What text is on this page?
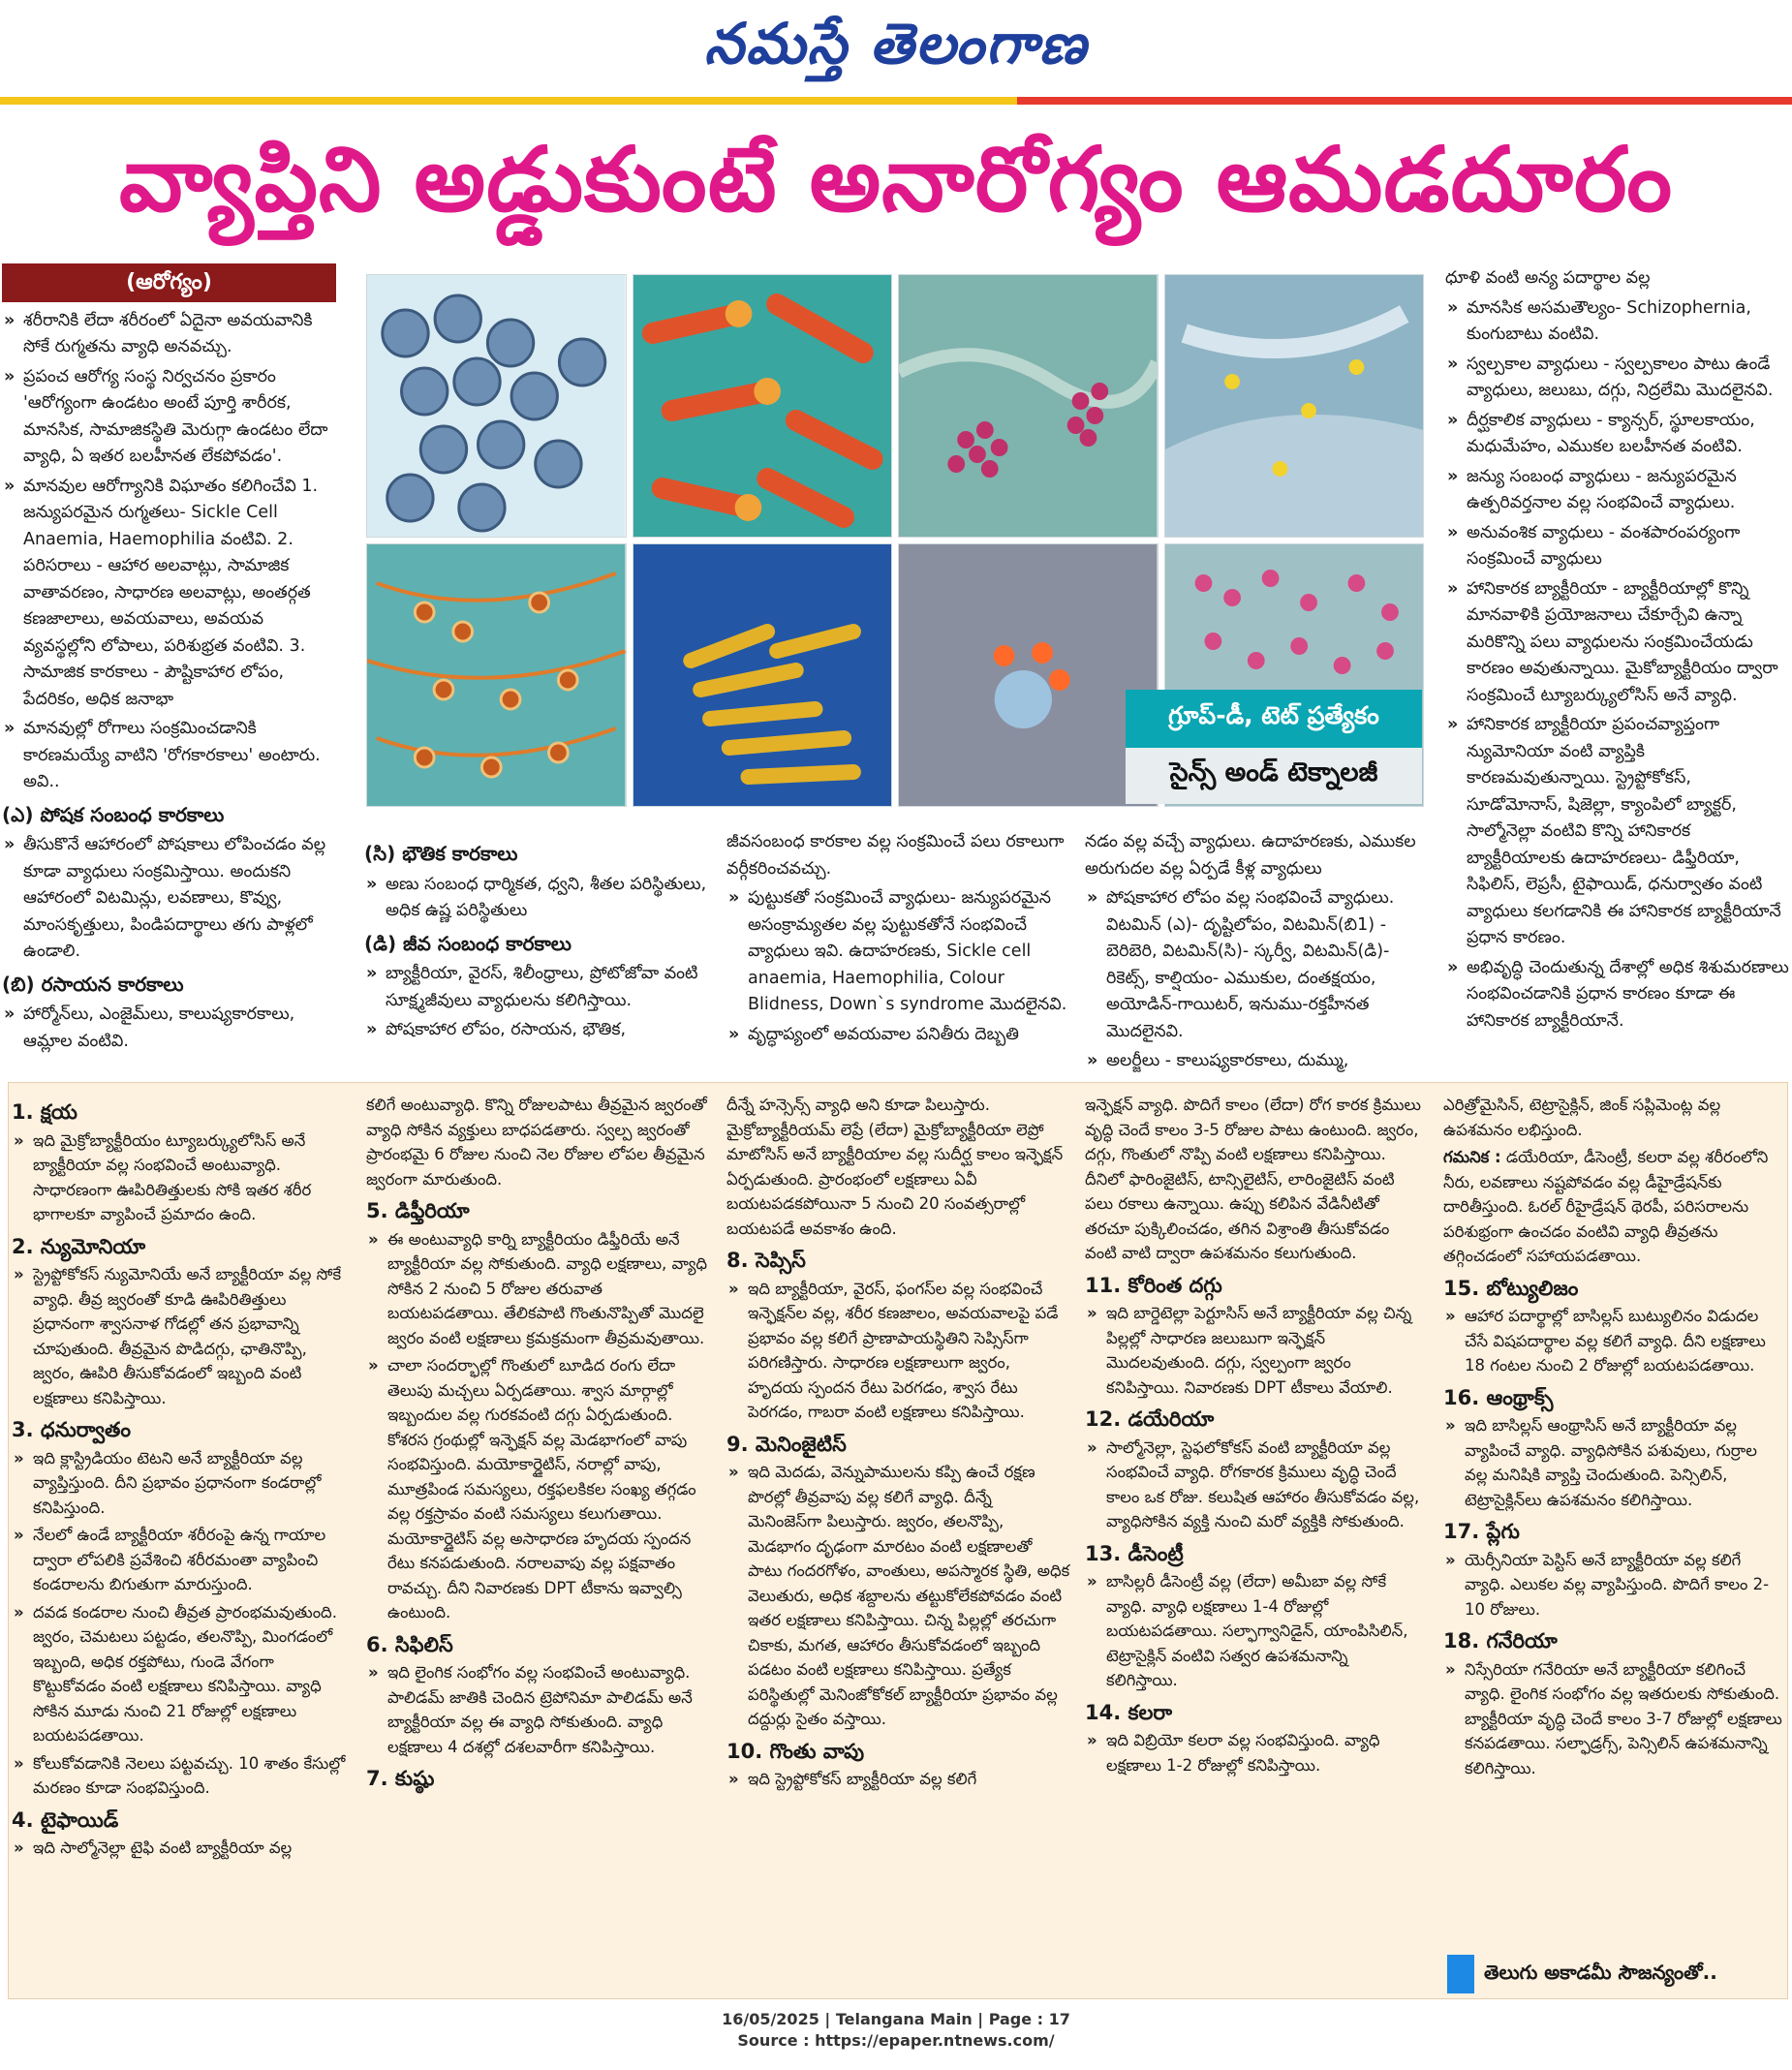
నమస్తే తెలంగాణ
వ్యాప్తిని అడ్డుకుంటే అనారోగ్యం ఆమడదూరం
(ఆరోగ్యం)

» శరీరానికి లేదా శరీరంలో ఏదైనా అవయవానికి సోకే రుగ్మతను వ్యాధి అనవచ్చు.

» ప్రపంచ ఆరోగ్య సంస్థ నిర్వచనం ప్రకారం 'ఆరోగ్యంగా ఉండటం అంటే పూర్తి శారీరక, మానసిక, సామాజికస్థితి మెరుగ్గా ఉండటం లేదా వ్యాధి, ఏ ఇతర బలహీనత లేకపోవడం'.

» మానవుల ఆరోగ్యానికి విఘాతం కలిగించేవి 1. జన్యుపరమైన రుగ్మతలు- Sickle Cell Anaemia, Haemophilia వంటివి. 2. పరిసరాలు - ఆహార అలవాట్లు, సామాజిక వాతావరణం, సాధారణ అలవాట్లు, అంతర్గత కణజాలాలు, అవయవాలు, అవయవ వ్యవస్థల్లోని లోపాలు, పరిశుభ్రత వంటివి. 3. సామాజిక కారకాలు - పౌష్టికాహార లోపం, పేదరికం, అధిక జనాభా

» మానవుల్లో రోగాలు సంక్రమించడానికి కారణమయ్యే వాటిని 'రోగకారకాలు' అంటారు. అవి..

(ఎ) పోషక సంబంధ కారకాలు

» తీసుకొనే ఆహారంలో పోషకాలు లోపించడం వల్ల కూడా వ్యాధులు సంక్రమిస్తాయి. అందుకని ఆహారంలో విటమిన్లు, లవణాలు, కొవ్వు, మాంసకృత్తులు, పిండిపదార్థాలు తగు పాళ్లలో ఉండాలి.

(బి) రసాయన కారకాలు

» హార్మోన్‌లు, ఎంజైమ్‌లు, కాలుష్యకారకాలు, ఆమ్లాల వంటివి.

గ్రూప్-డీ, టెట్ ప్రత్యేకం
సైన్స్ అండ్ టెక్నాలజీ
(సి) భౌతిక కారకాలు

» అణు సంబంధ ధార్మికత, ధ్వని, శీతల పరిస్థితులు, అధిక ఉష్ణ పరిస్థితులు

(డి) జీవ సంబంధ కారకాలు

» బ్యాక్టీరియా, వైరస్, శిలీంధ్రాలు, ప్రోటోజోవా వంటి సూక్ష్మజీవులు వ్యాధులను కలిగిస్తాయి.

» పోషకాహార లోపం, రసాయన, భౌతిక,

జీవసంబంధ కారకాల వల్ల సంక్రమించే పలు రకాలుగా వర్గీకరించవచ్చు.

» పుట్టుకతో సంక్రమించే వ్యాధులు- జన్యుపరమైన అసంక్రామ్యతల వల్ల పుట్టుకతోనే సంభవించే వ్యాధులు ఇవి. ఉదాహరణకు, Sickle cell anaemia, Haemophilia, Colour Blidness, Down`s syndrome మొదలైనవి.

» వృద్ధాప్యంలో అవయవాల పనితీరు దెబ్బతి

నడం వల్ల వచ్చే వ్యాధులు. ఉదాహరణకు, ఎముకల అరుగుదల వల్ల ఏర్పడే కీళ్ల వ్యాధులు

» పోషకాహార లోపం వల్ల సంభవించే వ్యాధులు. విటమిన్ (ఎ)- దృష్టిలోపం, విటమిన్(బి1) - బెరిబెరి, విటమిన్(సి)- స్కర్వీ, విటమిన్(డి)- రికెట్స్, కాల్షియం- ఎముకుల, దంతక్షయం, అయోడిన్-గాయిటర్, ఇనుము-రక్తహీనత మొదలైనవి.

» అలర్జీలు - కాలుష్యకారకాలు, దుమ్ము,

ధూళి వంటి అన్య పదార్థాల వల్ల

» మానసిక అసమతౌల్యం- Schizophernia, కుంగుబాటు వంటివి.

» స్వల్పకాల వ్యాధులు - స్వల్పకాలం పాటు ఉండే వ్యాధులు, జలుబు, దగ్గు, నిద్రలేమి మొదలైనవి.

» దీర్ఘకాలిక వ్యాధులు - క్యాన్సర్, స్థూలకాయం, మధుమేహం, ఎముకల బలహీనత వంటివి.

» జన్యు సంబంధ వ్యాధులు - జన్యుపరమైన ఉత్పరివర్తనాల వల్ల సంభవించే వ్యాధులు.

» అనువంశిక వ్యాధులు - వంశపారంపర్యంగా సంక్రమించే వ్యాధులు

» హానికారక బ్యాక్టీరియా - బ్యాక్టీరియాల్లో కొన్ని మానవాళికి ప్రయోజనాలు చేకూర్చేవి ఉన్నా మరికొన్ని పలు వ్యాధులను సంక్రమించేయడు కారణం అవుతున్నాయి. మైకోబ్యాక్టీరియం ద్వారా సంక్రమించే ట్యూబర్క్యులోసిస్ అనే వ్యాధి.

» హానికారక బ్యాక్టీరియా ప్రపంచవ్యాప్తంగా న్యుమోనియా వంటి వ్యాప్తికి కారణమవుతున్నాయి. స్ట్రెప్టోకోకస్, సూడోమోనాస్, షిజెల్లా, క్యాంపిలో బ్యాక్టర్, సాల్మోనెల్లా వంటివి కొన్ని హానికారక బ్యాక్టీరియాలకు ఉదాహరణలు- డిఫ్తీరియా, సిఫిలిస్, లెప్రసీ, టైఫాయిడ్, ధనుర్వాతం వంటి వ్యాధులు కలగడానికి ఈ హానికారక బ్యాక్టీరియానే ప్రధాన కారణం.

» అభివృద్ధి చెందుతున్న దేశాల్లో అధిక శిశుమరణాలు సంభవించడానికి ప్రధాన కారణం కూడా ఈ హానికారక బ్యాక్టీరియానే.

1. క్షయ

» ఇది మైక్రోబ్యాక్టీరియం ట్యూబర్క్యులోసిస్ అనే బ్యాక్టీరియా వల్ల సంభవించే అంటువ్యాధి. సాధారణంగా ఊపిరితిత్తులకు సోకి ఇతర శరీర భాగాలకూ వ్యాపించే ప్రమాదం ఉంది.

2. న్యుమోనియా

» స్ట్రెప్టోకోకస్ న్యుమోనియే అనే బ్యాక్టీరియా వల్ల సోకే వ్యాధి. తీవ్ర జ్వరంతో కూడి ఊపిరితిత్తులు ప్రధానంగా శ్వాసనాళ గోడల్లో తన ప్రభావాన్ని చూపుతుంది. తీవ్రమైన పొడిదగ్గు, ఛాతినొప్పి, జ్వరం, ఊపిరి తీసుకోవడంలో ఇబ్బంది వంటి లక్షణాలు కనిపిస్తాయి.

3. ధనుర్వాతం

» ఇది క్లాస్ట్రిడియం టెటని అనే బ్యాక్టీరియా వల్ల వ్యాప్తిస్తుంది. దీని ప్రభావం ప్రధానంగా కండరాల్లో కనిపిస్తుంది.

» నేలలో ఉండే బ్యాక్టీరియా శరీరంపై ఉన్న గాయాల ద్వారా లోపలికి ప్రవేశించి శరీరమంతా వ్యాపించి కండరాలను బిగుతుగా మారుస్తుంది.

» దవడ కండరాల నుంచి తీవ్రత ప్రారంభమవుతుంది. జ్వరం, చెమటలు పట్టడం, తలనొప్పి, మింగడంలో ఇబ్బంది, అధిక రక్తపోటు, గుండె వేగంగా కొట్టుకోవడం వంటి లక్షణాలు కనిపిస్తాయి. వ్యాధి సోకిన మూడు నుంచి 21 రోజుల్లో లక్షణాలు బయటపడతాయి.

» కోలుకోవడానికి నెలలు పట్టవచ్చు. 10 శాతం కేసుల్లో మరణం కూడా సంభవిస్తుంది.

4. టైఫాయిడ్

» ఇది సాల్మోనెల్లా టైఫి వంటి బ్యాక్టీరియా వల్ల

కలిగే అంటువ్యాధి. కొన్ని రోజులపాటు తీవ్రమైన జ్వరంతో వ్యాధి సోకిన వ్యక్తులు బాధపడతారు. స్వల్ప జ్వరంతో ప్రారంభమై 6 రోజుల నుంచి నెల రోజుల లోపల తీవ్రమైన జ్వరంగా మారుతుంది.

5. డిఫ్తీరియా

» ఈ అంటువ్యాధి కార్ని బ్యాక్టీరియం డిఫ్తీరియే అనే బ్యాక్టీరియా వల్ల సోకుతుంది. వ్యాధి లక్షణాలు, వ్యాధి సోకిన 2 నుంచి 5 రోజుల తరువాత బయటపడతాయి. తేలికపాటి గొంతునొప్పితో మొదలై జ్వరం వంటి లక్షణాలు క్రమక్రమంగా తీవ్రమవుతాయి.

» చాలా సందర్భాల్లో గొంతులో బూడిద రంగు లేదా తెలుపు మచ్చలు ఏర్పడతాయి. శ్వాస మార్గాల్లో ఇబ్బందుల వల్ల గురకవంటి దగ్గు ఏర్పడుతుంది. కోశరస గ్రంథుల్లో ఇన్ఫెక్షన్ వల్ల మెడభాగంలో వాపు సంభవిస్తుంది. మయోకార్డైటిస్, నరాల్లో వాపు, మూత్రపిండ సమస్యలు, రక్తఫలకికల సంఖ్య తగ్గడం వల్ల రక్తస్రావం వంటి సమస్యలు కలుగుతాయి. మయోకార్డైటిస్ వల్ల అసాధారణ హృదయ స్పందన రేటు కనపడుతుంది. నరాలవాపు వల్ల పక్షవాతం రావచ్చు. దీని నివారణకు DPT టీకాను ఇవ్వాల్సి ఉంటుంది.

6. సిఫిలిస్

» ఇది లైంగిక సంభోగం వల్ల సంభవించే అంటువ్యాధి. పాలిడమ్ జాతికి చెందిన ట్రెపోనిమా పాలిడమ్ అనే బ్యాక్టీరియా వల్ల ఈ వ్యాధి సోకుతుంది. వ్యాధి లక్షణాలు 4 దశల్లో దశలవారీగా కనిపిస్తాయి.

7. కుష్ఠు

దీన్నే హన్సెన్స్ వ్యాధి అని కూడా పిలుస్తారు. మైక్రోబ్యాక్టీరియమ్ లెప్రే (లేదా) మైక్రోబ్యాక్టీరియా లెప్రో మాటోసిస్ అనే బ్యాక్టీరియాల వల్ల సుదీర్ఘ కాలం ఇన్ఫెక్షన్ ఏర్పడుతుంది. ప్రారంభంలో లక్షణాలు ఏవీ బయటపడకపోయినా 5 నుంచి 20 సంవత్సరాల్లో బయటపడే అవకాశం ఉంది.

8. సెప్సిస్

» ఇది బ్యాక్టీరియా, వైరస్, ఫంగస్‌ల వల్ల సంభవించే ఇన్ఫెక్షన్‌ల వల్ల, శరీర కణజాలం, అవయవాలపై పడే ప్రభావం వల్ల కలిగే ప్రాణాపాయస్థితిని సెప్సిస్‌గా పరిగణిస్తారు. సాధారణ లక్షణాలుగా జ్వరం, హృదయ స్పందన రేటు పెరగడం, శ్వాస రేటు పెరగడం, గాబరా వంటి లక్షణాలు కనిపిస్తాయి.

9. మెనింజైటిస్

» ఇది మెదడు, వెన్నుపాములను కప్పి ఉంచే రక్షణ పొరల్లో తీవ్రవాపు వల్ల కలిగే వ్యాధి. దీన్నే మెనింజెస్‌గా పిలుస్తారు. జ్వరం, తలనొప్పి, మెడభాగం దృఢంగా మారటం వంటి లక్షణాలతో పాటు గందరగోళం, వాంతులు, అపస్మారక స్థితి, అధిక వెలుతురు, అధిక శబ్దాలను తట్టుకోలేకపోవడం వంటి ఇతర లక్షణాలు కనిపిస్తాయి. చిన్న పిల్లల్లో తరచుగా చికాకు, మగత, ఆహారం తీసుకోవడంలో ఇబ్బంది పడటం వంటి లక్షణాలు కనిపిస్తాయి. ప్రత్యేక పరిస్థితుల్లో మెనింజోకోకల్ బ్యాక్టీరియా ప్రభావం వల్ల దద్దుర్లు సైతం వస్తాయి.

10. గొంతు వాపు

» ఇది స్ట్రెప్టోకోకస్ బ్యాక్టీరియా వల్ల కలిగే

ఇన్ఫెక్షన్ వ్యాధి. పొదిగే కాలం (లేదా) రోగ కారక క్రిములు వృద్ధి చెందే కాలం 3-5 రోజుల పాటు ఉంటుంది. జ్వరం, దగ్గు, గొంతులో నొప్పి వంటి లక్షణాలు కనిపిస్తాయి. దీనిలో ఫారింజైటిస్, టాన్సిలైటిస్, లారింజైటిస్ వంటి పలు రకాలు ఉన్నాయి. ఉప్పు కలిపిన వేడినీటితో తరచూ పుక్కిలించడం, తగిన విశ్రాంతి తీసుకోవడం వంటి వాటి ద్వారా ఉపశమనం కలుగుతుంది.

11. కోరింత దగ్గు

» ఇది బార్డెటెల్లా పెర్టూసిస్ అనే బ్యాక్టీరియా వల్ల చిన్న పిల్లల్లో సాధారణ జలుబుగా ఇన్ఫెక్షన్ మొదలవుతుంది. దగ్గు, స్వల్పంగా జ్వరం కనిపిస్తాయి. నివారణకు DPT టీకాలు వేయాలి.

12. డయేరియా

» సాల్మోనెల్లా, స్టెఫలోకోకస్ వంటి బ్యాక్టీరియా వల్ల సంభవించే వ్యాధి. రోగకారక క్రిములు వృద్ధి చెందే కాలం ఒక రోజు. కలుషిత ఆహారం తీసుకోవడం వల్ల, వ్యాధిసోకిన వ్యక్తి నుంచి మరో వ్యక్తికి సోకుతుంది.

13. డీసెంట్రీ

» బాసిల్లరీ డీసెంట్రీ వల్ల (లేదా) అమీబా వల్ల సోకే వ్యాధి. వ్యాధి లక్షణాలు 1-4 రోజుల్లో బయటపడతాయి. సల్ఫాగ్వానిడైన్, యాంపిసిలిన్, టెట్రాసైక్లిన్ వంటివి సత్వర ఉపశమనాన్ని కలిగిస్తాయి.

14. కలరా

» ఇది విబ్రియో కలరా వల్ల సంభవిస్తుంది. వ్యాధి లక్షణాలు 1-2 రోజుల్లో కనిపిస్తాయి.

ఎరిత్రోమైసిన్, టెట్రాసైక్లిన్, జింక్ సప్లిమెంట్ల వల్ల ఉపశమనం లభిస్తుంది.

గమనిక : డయేరియా, డీసెంట్రీ, కలరా వల్ల శరీరంలోని నీరు, లవణాలు నష్టపోవడం వల్ల డీహైడ్రేషన్‌కు దారితీస్తుంది. ఓరల్ రీహైడ్రేషన్ థెరపీ, పరిసరాలను పరిశుభ్రంగా ఉంచడం వంటివి వ్యాధి తీవ్రతను తగ్గించడంలో సహాయపడతాయి.

15. బోట్యులిజం

» ఆహార పదార్థాల్లో బాసిల్లస్ బుట్యులినం విడుదల చేసే విషపదార్థాల వల్ల కలిగే వ్యాధి. దీని లక్షణాలు 18 గంటల నుంచి 2 రోజుల్లో బయటపడతాయి.

16. ఆంథ్రాక్స్

» ఇది బాసిల్లస్ ఆంథ్రాసిస్ అనే బ్యాక్టీరియా వల్ల వ్యాపించే వ్యాధి. వ్యాధిసోకిన పశువులు, గుర్రాల వల్ల మనిషికి వ్యాప్తి చెందుతుంది. పెన్సిలిన్, టెట్రాసైక్లిన్‌లు ఉపశమనం కలిగిస్తాయి.

17. ప్లేగు

» యెర్సీనియా పెస్టిస్ అనే బ్యాక్టీరియా వల్ల కలిగే వ్యాధి. ఎలుకల వల్ల వ్యాపిస్తుంది. పొదిగే కాలం 2-10 రోజులు.

18. గనేరియా

» నిస్సేరియా గనేరియా అనే బ్యాక్టీరియా కలిగించే వ్యాధి. లైంగిక సంభోగం వల్ల ఇతరులకు సోకుతుంది. బ్యాక్టీరియా వృద్ధి చెందే కాలం 3-7 రోజుల్లో లక్షణాలు కనపడతాయి. సల్ఫాడ్రగ్స్, పెన్సిలిన్ ఉపశమనాన్ని కలిగిస్తాయి.

తెలుగు అకాడమీ సౌజన్యంతో..
16/05/2025 | Telangana Main | Page : 17
Source : https://epaper.ntnews.com/
